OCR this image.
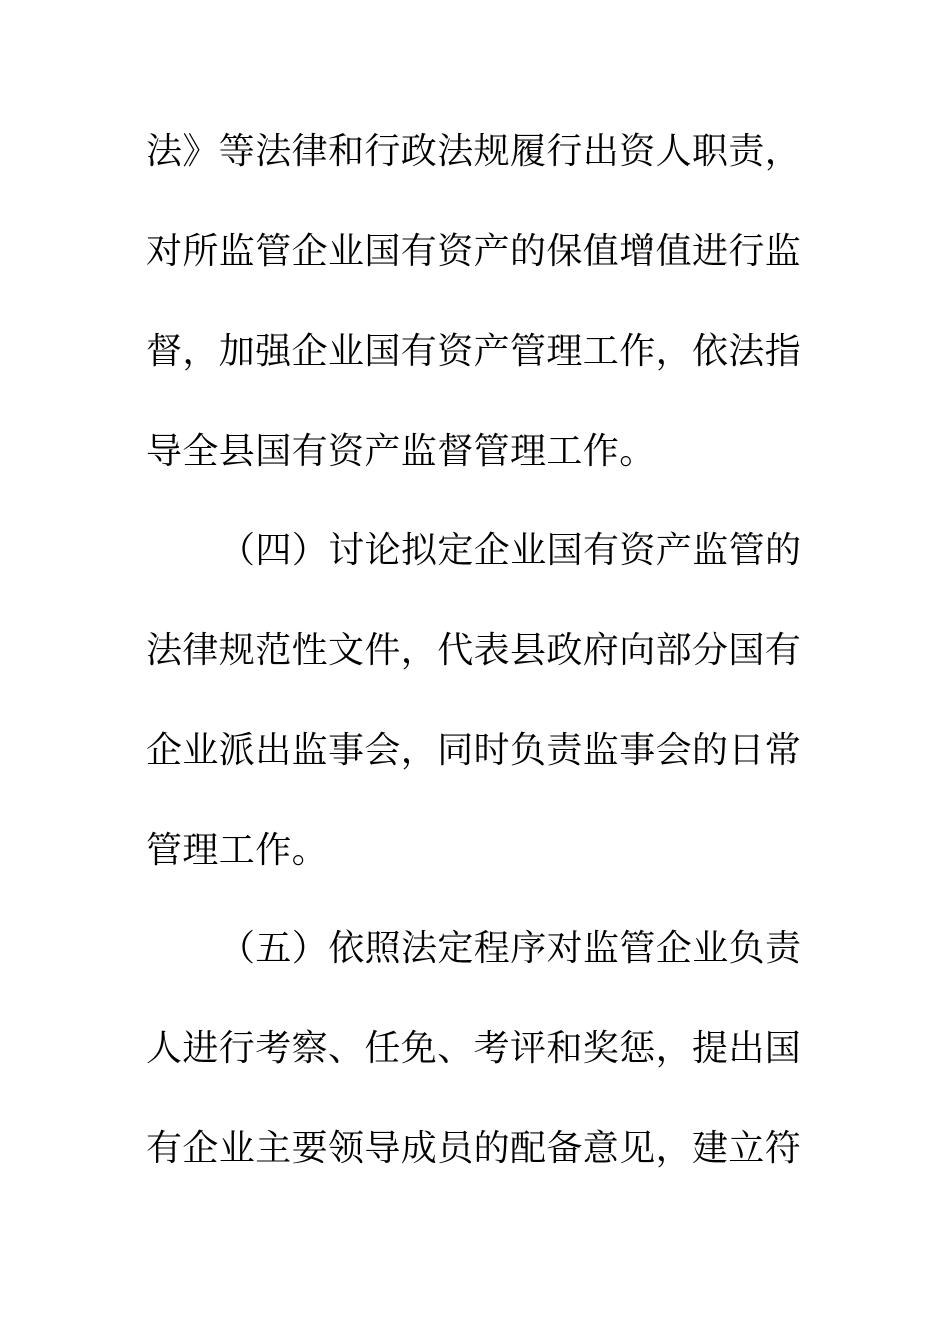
法》等法律和行政法规履行出资人职责，
对所监管企业国有资产的保值增值进行监
督，加强企业国有资产管理工作，依法指
导全县国有资产监督管理工作。
（四）讨论拟定企业国有资产监管的
法律规范性文件，代表县政府向部分国有
企业派出监事会，同时负责监事会的日常
管理工作。
（五）依照法定程序对监管企业负责
人进行考察、任免、考评和奖惩，提出国
有企业主要领导成员的配备意见，建立符
